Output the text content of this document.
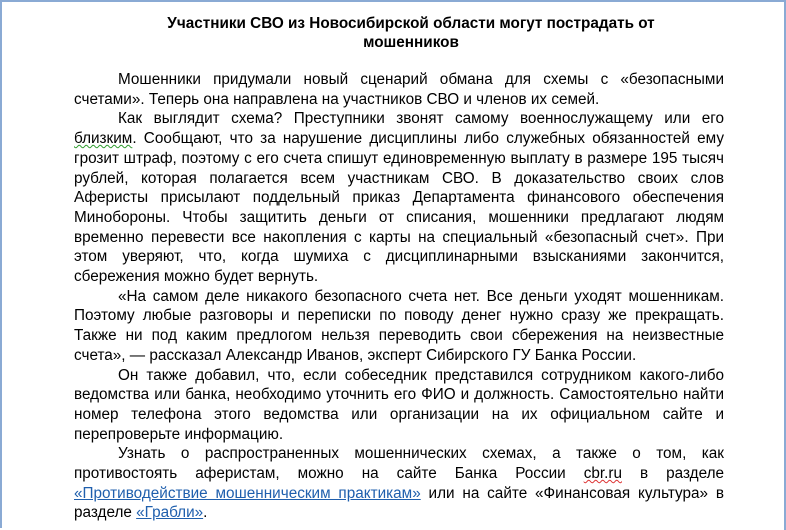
Участники СВО из Новосибирской области могут пострадать от мошенников

Мошенники придумали новый сценарий обмана для схемы с «безопасными счетами». Теперь она направлена на участников СВО и членов их семей.

Как выглядит схема? Преступники звонят самому военнослужащему или его близким. Сообщают, что за нарушение дисциплины либо служебных обязанностей ему грозит штраф, поэтому с его счета спишут единовременную выплату в размере 195 тысяч рублей, которая полагается всем участникам СВО. В доказательство своих слов Аферисты присылают поддельный приказ Департамента финансового обеспечения Минобороны. Чтобы защитить деньги от списания, мошенники предлагают людям временно перевести все накопления с карты на специальный «безопасный счет». При этом уверяют, что, когда шумиха с дисциплинарными взысканиями закончится, сбережения можно будет вернуть.

«На самом деле никакого безопасного счета нет. Все деньги уходят мошенникам. Поэтому любые разговоры и переписки по поводу денег нужно сразу же прекращать. Также ни под каким предлогом нельзя переводить свои сбережения на неизвестные счета», — рассказал Александр Иванов, эксперт Сибирского ГУ Банка России.

Он также добавил, что, если собеседник представился сотрудником какого-либо ведомства или банка, необходимо уточнить его ФИО и должность. Самостоятельно найти номер телефона этого ведомства или организации на их официальном сайте и перепроверьте информацию.

Узнать о распространенных мошеннических схемах, а также о том, как противостоять аферистам, можно на сайте Банка России cbr.ru в разделе «Противодействие мошенническим практикам» или на сайте «Финансовая культура» в разделе «Грабли».
